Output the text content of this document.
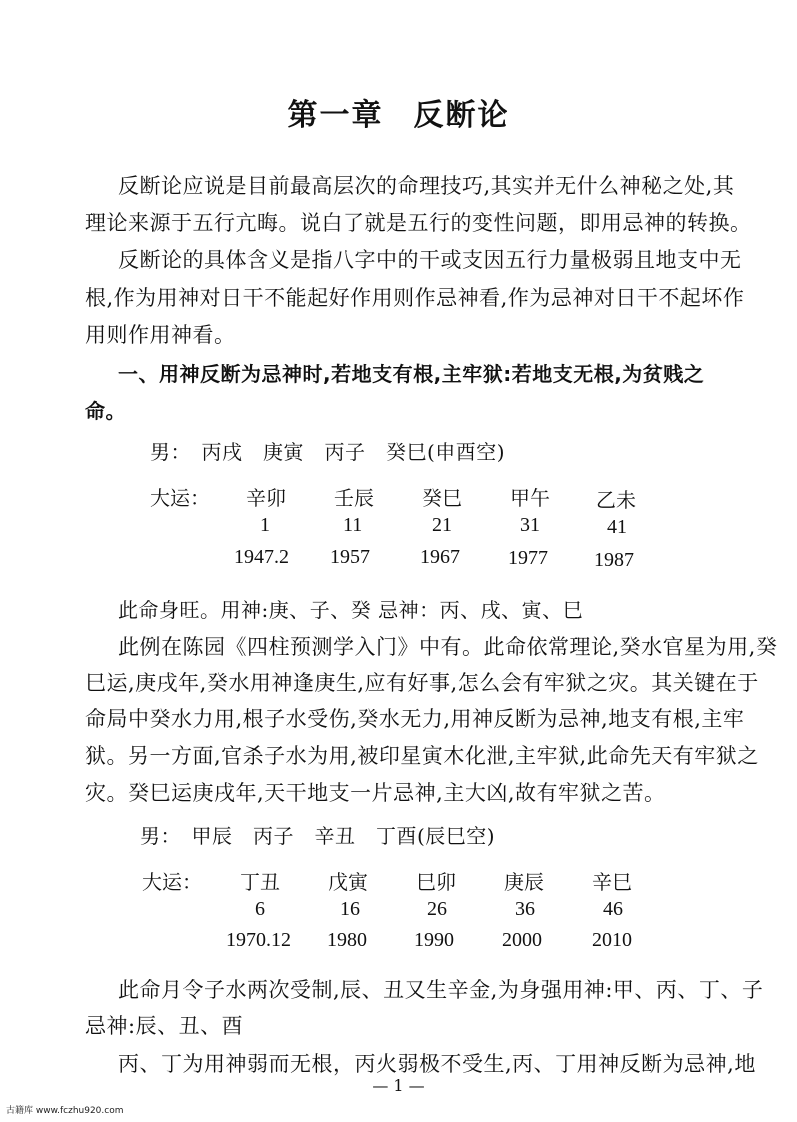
第一章 反断论
反断论应说是目前最高层次的命理技巧,其实并无什么神秘之处,其
理论来源于五行亢晦。说白了就是五行的变性问题，即用忌神的转换。
反断论的具体含义是指八字中的干或支因五行力量极弱且地支中无
根,作为用神对日干不能起好作用则作忌神看,作为忌神对日干不起坏作
用则作用神看。
一、用神反断为忌神时,若地支有根,主牢狱:若地支无根,为贫贱之
命。
男：　丙戌　庚寅　丙子　癸巳(申酉空)
大运： 辛卯 壬辰 癸巳 甲午 乙未
1	11	21	31	41
1947.2 1957	1967 1977 1987
此命身旺。用神:庚、子、癸 忌神：丙、戌、寅、巳
此例在陈园《四柱预测学入门》中有。此命依常理论,癸水官星为用,癸
巳运,庚戌年,癸水用神逢庚生,应有好事,怎么会有牢狱之灾。其关键在于
命局中癸水力用,根子水受伤,癸水无力,用神反断为忌神,地支有根,主牢
狱。另一方面,官杀子水为用,被印星寅木化泄,主牢狱,此命先天有牢狱之
灾。癸巳运庚戌年,天干地支一片忌神,主大凶,故有牢狱之苦。
男：　甲辰　丙子　辛丑　丁酉(辰巳空)
大运： 丁丑 戊寅 巳卯 庚辰 辛巳
6	16	26	36	46
1970.12 1980 1990 2000	2010
此命月令子水两次受制,辰、丑又生辛金,为身强用神:甲、丙、丁、子
忌神:辰、丑、酉
丙、丁为用神弱而无根，丙火弱极不受生,丙、丁用神反断为忌神,地
— 1 —
古籍库 www.fczhu920.com
